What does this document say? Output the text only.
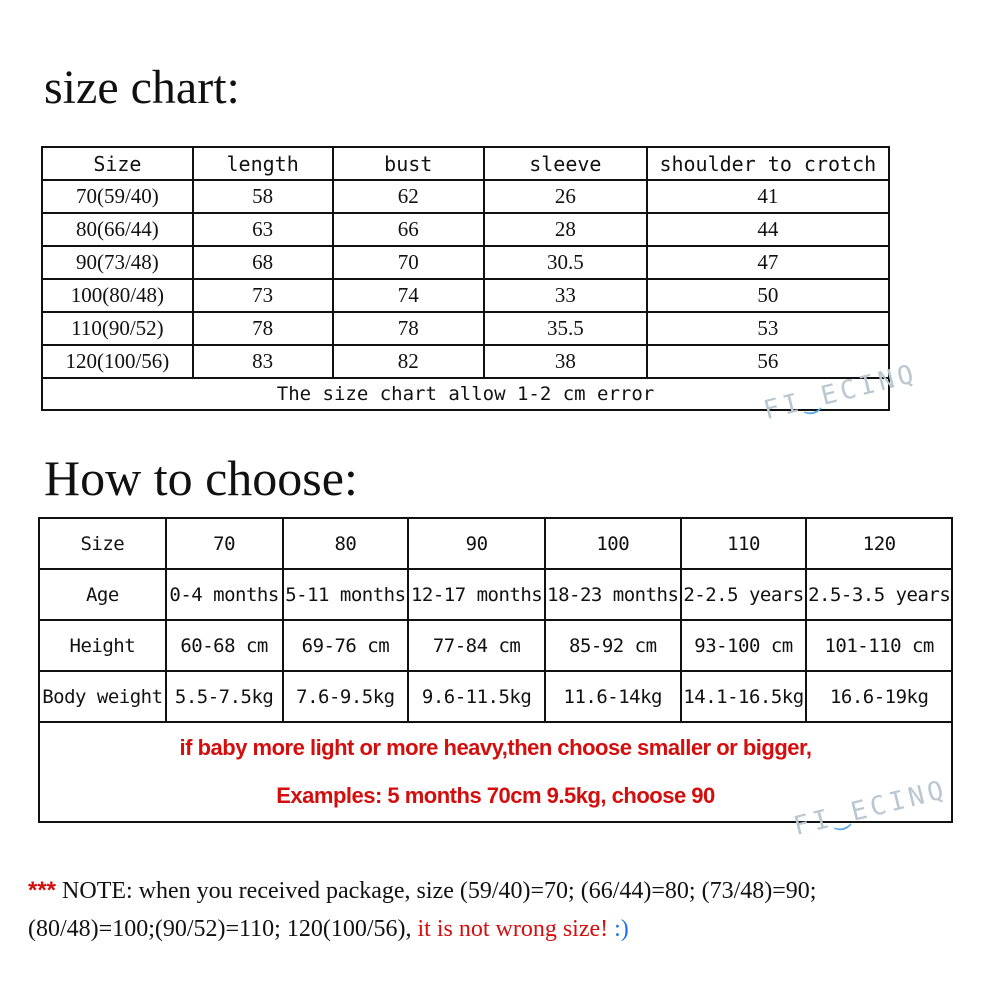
size chart:
Size	length	bust	sleeve	shoulder to crotch
70(59/40)	58	62	26	41
80(66/44)	63	66	28	44
90(73/48)	68	70	30.5	47
100(80/48)	73	74	33	50
110(90/52)	78	78	35.5	53
120(100/56)	83	82	38	56
The size chart allow 1-2 cm error					FI‿ECINQ
How to choose:
Size	70	80	90	100	110	120
Age	0-4 months	5-11 months	12-17 months	18-23 months	2-2.5 years	2.5-3.5 years
Height	60-68 cm	69-76 cm	77-84 cm	85-92 cm	93-100 cm	101-110 cm
Body weight	5.5-7.5kg	7.6-9.5kg	9.6-11.5kg	11.6-14kg	14.1-16.5kg	16.6-19kg

if baby more light or more heavy,then choose smaller or bigger,
Examples: 5 months 70cm 9.5kg, choose 90						
FI‿ECINQ
*** NOTE: when you received package, size (59/40)=70; (66/44)=80; (73/48)=90;
(80/48)=100;(90/52)=110; 120(100/56), it is not wrong size! :)
